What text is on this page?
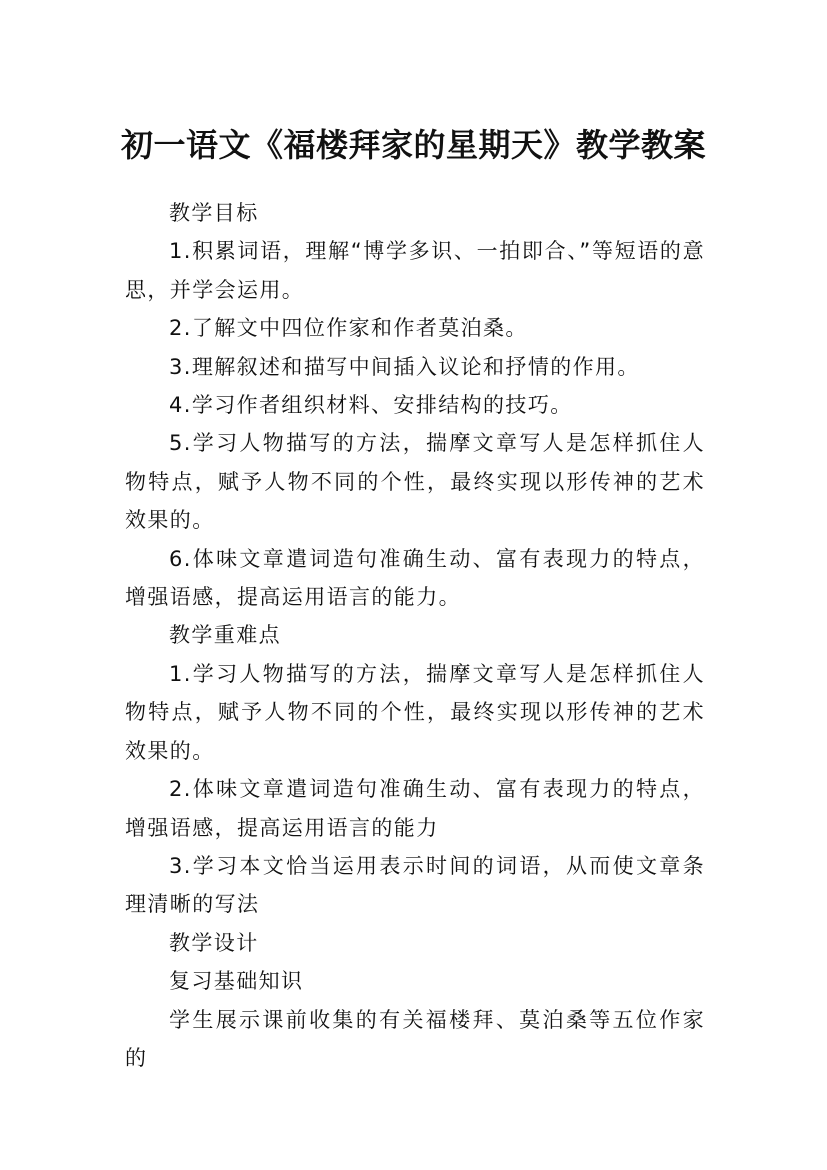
初一语文《福楼拜家的星期天》教学教案

教学目标

1.积累词语，理解“博学多识、一拍即合、”等短语的意思，并学会运用。

2.了解文中四位作家和作者莫泊桑。

3.理解叙述和描写中间插入议论和抒情的作用。

4.学习作者组织材料、安排结构的技巧。

5.学习人物描写的方法，揣摩文章写人是怎样抓住人物特点，赋予人物不同的个性，最终实现以形传神的艺术效果的。

6.体味文章遣词造句准确生动、富有表现力的特点，增强语感，提高运用语言的能力。

教学重难点

1.学习人物描写的方法，揣摩文章写人是怎样抓住人物特点，赋予人物不同的个性，最终实现以形传神的艺术效果的。

2.体味文章遣词造句准确生动、富有表现力的特点，增强语感，提高运用语言的能力

3.学习本文恰当运用表示时间的词语，从而使文章条理清晰的写法

教学设计

复习基础知识

学生展示课前收集的有关福楼拜、莫泊桑等五位作家的
